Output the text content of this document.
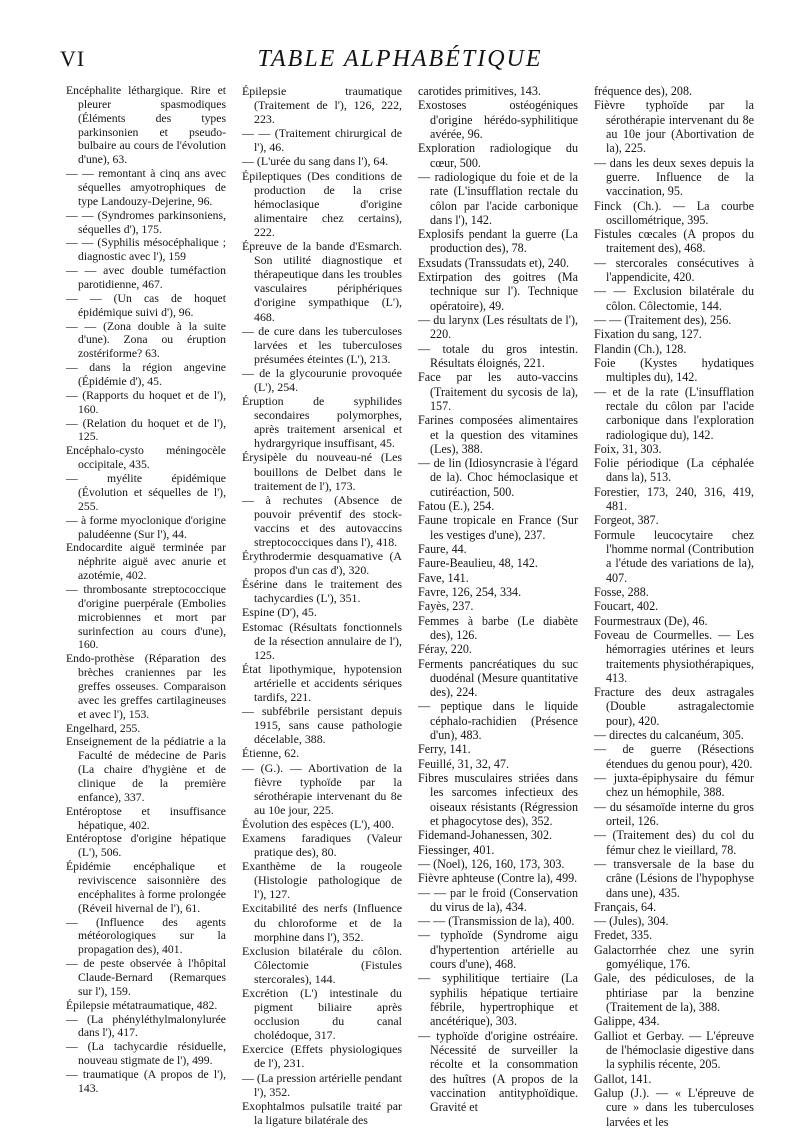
VI	TABLE ALPHABÉTIQUE

Encéphalite léthargique. Rire et pleurer spasmodiques (Éléments des types parkinsonien et pseudo-bulbaire au cours de l'évolution d'une), 63.

— — remontant à cinq ans avec séquelles amyotrophiques de type Landouzy-Dejerine, 96.

— — (Syndromes parkinsoniens, séquelles d'), 175.

— — (Syphilis mésocéphalique ; diagnostic avec l'), 159

— — avec double tuméfaction parotidienne, 467.

— — (Un cas de hoquet épidémique suivi d'), 96.

— — (Zona double à la suite d'une). Zona ou éruption zostériforme? 63.

— dans la région angevine (Épidémie d'), 45.

— (Rapports du hoquet et de l'), 160.

— (Relation du hoquet et de l'), 125.

Encéphalo-cysto méningocèle occipitale, 435.

— myélite épidémique (Évolution et séquelles de l'), 255.

— à forme myoclonique d'origine paludéenne (Sur l'), 44.

Endocardite aiguë terminée par néphrite aiguë avec anurie et azotémie, 402.

— thrombosante streptococcique d'origine puerpérale (Embolies microbiennes et mort par surinfection au cours d'une), 160.

Endo-prothèse (Réparation des brèches craniennes par les greffes osseuses. Comparaison avec les greffes cartilagineuses et avec l'), 153.

Engelhard, 255.

Enseignement de la pédiatrie a la Faculté de médecine de Paris (La chaire d'hygiène et de clinique de la première enfance), 337.

Entéroptose et insuffisance hépatique, 402.

Entéroptose d'origine hépatique (L'), 506.

Épidémie encéphalique et reviviscence saisonnière des encéphalites à forme prolongée (Réveil hivernal de l'), 61.

— (Influence des agents météorologiques sur la propagation des), 401.

— de peste observée à l'hôpital Claude-Bernard (Remarques sur l'), 159.

Épilepsie métatraumatique, 482.

— (La phényléthylmalonylurée dans l'), 417.

— (La tachycardie résiduelle, nouveau stigmate de l'), 499.

— traumatique (A propos de l'), 143.

Épilepsie traumatique (Traitement de l'), 126, 222, 223.

— — (Traitement chirurgical de l'), 46.

— (L'urée du sang dans l'), 64.

Épileptiques (Des conditions de production de la crise hémoclasique d'origine alimentaire chez certains), 222.

Épreuve de la bande d'Esmarch. Son utilité diagnostique et thérapeutique dans les troubles vasculaires périphériques d'origine sympathique (L'), 468.

— de cure dans les tuberculoses larvées et les tuberculoses présumées éteintes (L'), 213.

— de la glycourunie provoquée (L'), 254.

Éruption de syphilides secondaires polymorphes, après traitement arsenical et hydrargyrique insuffisant, 45.

Érysipèle du nouveau-né (Les bouillons de Delbet dans le traitement de l'), 173.

— à rechutes (Absence de pouvoir préventif des stock-vaccins et des autovaccins streptococciques dans l'), 418.

Érythrodermie desquamative (A propos d'un cas d'), 320.

Ésérine dans le traitement des tachycardies (L'), 351.

Espine (D'), 45.

Estomac (Résultats fonctionnels de la résection annulaire de l'), 125.

État lipothymique, hypotension artérielle et accidents sériques tardifs, 221.

— subfébrile persistant depuis 1915, sans cause pathologie décelable, 388.

Étienne, 62.

— (G.). — Abortivation de la fièvre typhoïde par la sérothérapie intervenant du 8e au 10e jour, 225.

Évolution des espèces (L'), 400.

Examens faradiques (Valeur pratique des), 80.

Exanthème de la rougeole (Histologie pathologique de l'), 127.

Excitabilité des nerfs (Influence du chloroforme et de la morphine dans l'), 352.

Exclusion bilatérale du côlon. Côlectomie (Fistules stercorales), 144.

Excrétion (L') intestinale du pigment biliaire après occlusion du canal cholédoque, 317.

Exercice (Effets physiologiques de l'), 231.

— (La pression artérielle pendant l'), 352.

Exophtalmos pulsatile traité par la ligature bilatérale des

carotides primitives, 143.

Exostoses ostéogéniques d'origine hérédo-syphilitique avérée, 96.

Exploration radiologique du cœur, 500.

— radiologique du foie et de la rate (L'insufflation rectale du côlon par l'acide carbonique dans l'), 142.

Explosifs pendant la guerre (La production des), 78.

Exsudats (Transsudats et), 240.

Extirpation des goitres (Ma technique sur l'). Technique opératoire), 49.

— du larynx (Les résultats de l'), 220.

— totale du gros intestin. Résultats éloignés, 221.

Face par les auto-vaccins (Traitement du sycosis de la), 157.

Farines composées alimentaires et la question des vitamines (Les), 388.

— de lin (Idiosyncrasie à l'égard de la). Choc hémoclasique et cutiréaction, 500.

Fatou (E.), 254.

Faune tropicale en France (Sur les vestiges d'une), 237.

Faure, 44.

Faure-Beaulieu, 48, 142.

Fave, 141.

Favre, 126, 254, 334.

Fayès, 237.

Femmes à barbe (Le diabète des), 126.

Féray, 220.

Ferments pancréatiques du suc duodénal (Mesure quantitative des), 224.

— peptique dans le liquide céphalo-rachidien (Présence d'un), 483.

Ferry, 141.

Feuillé, 31, 32, 47.

Fibres musculaires striées dans les sarcomes infectieux des oiseaux résistants (Régression et phagocytose des), 352.

Fidemand-Johanessen, 302.

Fiessinger, 401.

— (Noel), 126, 160, 173, 303.

Fièvre aphteuse (Contre la), 499.

— — par le froid (Conservation du virus de la), 434.

— — (Transmission de la), 400.

— typhoïde (Syndrome aigu d'hypertention artérielle au cours d'une), 468.

— syphilitique tertiaire (La syphilis hépatique tertiaire fébrile, hypertrophique et ancétérique), 303.

— typhoïde d'origine ostréaire. Nécessité de surveiller la récolte et la consommation des huîtres (A propos de la vaccination antityphoïdique. Gravité et

fréquence des), 208.

Fièvre typhoïde par la sérothérapie intervenant du 8e au 10e jour (Abortivation de la), 225.

— dans les deux sexes depuis la guerre. Influence de la vaccination, 95.

Finck (Ch.). — La courbe oscillométrique, 395.

Fistules cœcales (A propos du traitement des), 468.

— stercorales consécutives à l'appendicite, 420.

— — Exclusion bilatérale du côlon. Côlectomie, 144.

— — (Traitement des), 256.

Fixation du sang, 127.

Flandin (Ch.), 128.

Foie (Kystes hydatiques multiples du), 142.

— et de la rate (L'insufflation rectale du côlon par l'acide carbonique dans l'exploration radiologique du), 142.

Foix, 31, 303.

Folie périodique (La céphalée dans la), 513.

Forestier, 173, 240, 316, 419, 481.

Forgeot, 387.

Formule leucocytaire chez l'homme normal (Contribution a l'étude des variations de la), 407.

Fosse, 288.

Foucart, 402.

Fourmestraux (De), 46.

Foveau de Courmelles. — Les hémorragies utérines et leurs traitements physiothérapiques, 413.

Fracture des deux astragales (Double astragalectomie pour), 420.

— directes du calcanéum, 305.

— de guerre (Résections étendues du genou pour), 420.

— juxta-épiphysaire du fémur chez un hémophile, 388.

— du sésamoïde interne du gros orteil, 126.

— (Traitement des) du col du fémur chez le vieillard, 78.

— transversale de la base du crâne (Lésions de l'hypophyse dans une), 435.

Français, 64.

— (Jules), 304.

Fredet, 335.

Galactorrhée chez une syrin gomyélique, 176.

Gale, des pédiculoses, de la phtiriase par la benzine (Traitement de la), 388.

Galippe, 434.

Galliot et Gerbay. — L'épreuve de l'hémoclasie digestive dans la syphilis récente, 205.

Gallot, 141.

Galup (J.). — « L'épreuve de cure » dans les tuberculoses larvées et les
